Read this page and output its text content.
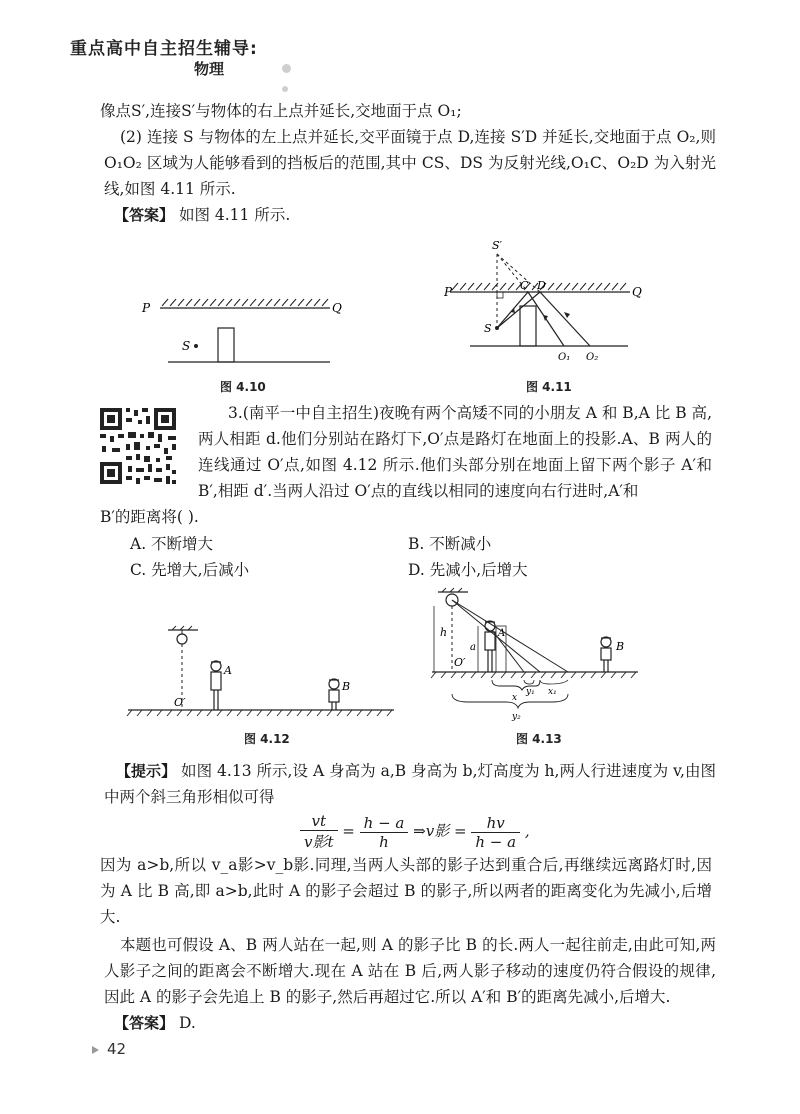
重点高中自主招生辅导:
物理
像点S′,连接S′与物体的右上点并延长,交地面于点 O₁;
(2) 连接 S 与物体的左上点并延长,交平面镜于点 D,连接 S′D 并延长,交地面于点 O₂,则 O₁O₂ 区域为人能够看到的挡板后的范围,其中 CS、DS 为反射光线,O₁C、O₂D 为入射光线,如图 4.11 所示.
【答案】 如图 4.11 所示.
P	Q
S
图 4.10
S′
P	Q
S
C D
O₁ O₂
图 4.11
3.(南平一中自主招生)夜晚有两个高矮不同的小朋友 A 和 B,A 比 B 高,两人相距 d.他们分别站在路灯下,O′点是路灯在地面上的投影.A、B 两人的连线通过 O′点,如图 4.12 所示.他们头部分别在地面上留下两个影子 A′和 B′,相距 d′.当两人沿过 O′点的直线以相同的速度向右行进时,A′和
B′的距离将( ).
A. 不断增大	B. 不断减小
C. 先增大,后减小	D. 先减小,后增大
O′
A
B
图 4.12
h
O′
A
a	B
x
y₁ x₁
y₂
图 4.13
【提示】 如图 4.13 所示,设 A 身高为 a,B 身高为 b,灯高度为 h,两人行进速度为 v,由图中两个斜三角形相似可得
$\frac{vt}{\text{v影t}} = \frac{h - a}{h}$ ⇒v影 = $\frac{hv}{h - a}$ ,
因为 a>b,所以 v_a影>v_b影.同理,当两人头部的影子达到重合后,再继续远离路灯时,因为 A 比 B 高,即 a>b,此时 A 的影子会超过 B 的影子,所以两者的距离变化为先减小,后增大.
本题也可假设 A、B 两人站在一起,则 A 的影子比 B 的长.两人一起往前走,由此可知,两人影子之间的距离会不断增大.现在 A 站在 B 后,两人影子移动的速度仍符合假设的规律,因此 A 的影子会先追上 B 的影子,然后再超过它.所以 A′和 B′的距离先减小,后增大.
【答案】 D.
42
